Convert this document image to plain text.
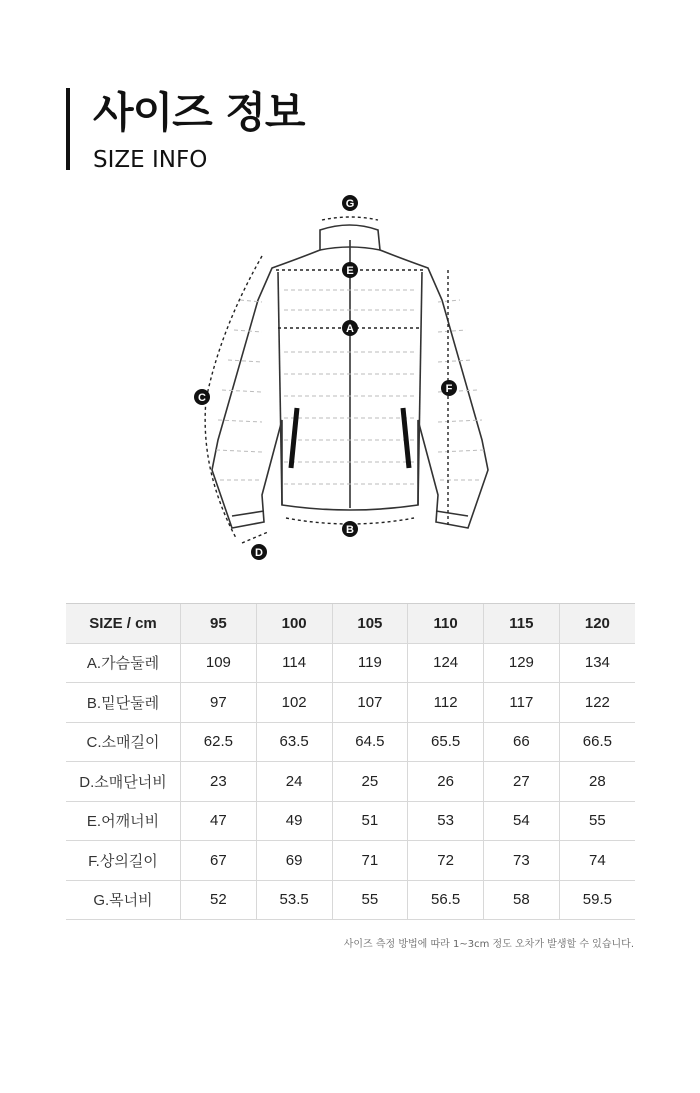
사이즈 정보
SIZE INFO
G
E
A
C
F
B
D
SIZE / cm	95	100	105	110	115	120
A.가슴둘레	109	114	119	124	129	134
B.밑단둘레	97	102	107	112	117	122
C.소매길이	62.5	63.5	64.5	65.5	66	66.5
D.소매단너비	23	24	25	26	27	28
E.어깨너비	47	49	51	53	54	55
F.상의길이	67	69	71	72	73	74
G.목너비	52	53.5	55	56.5	58	59.5
사이즈 측정 방법에 따라 1~3cm 정도 오차가 발생할 수 있습니다.
